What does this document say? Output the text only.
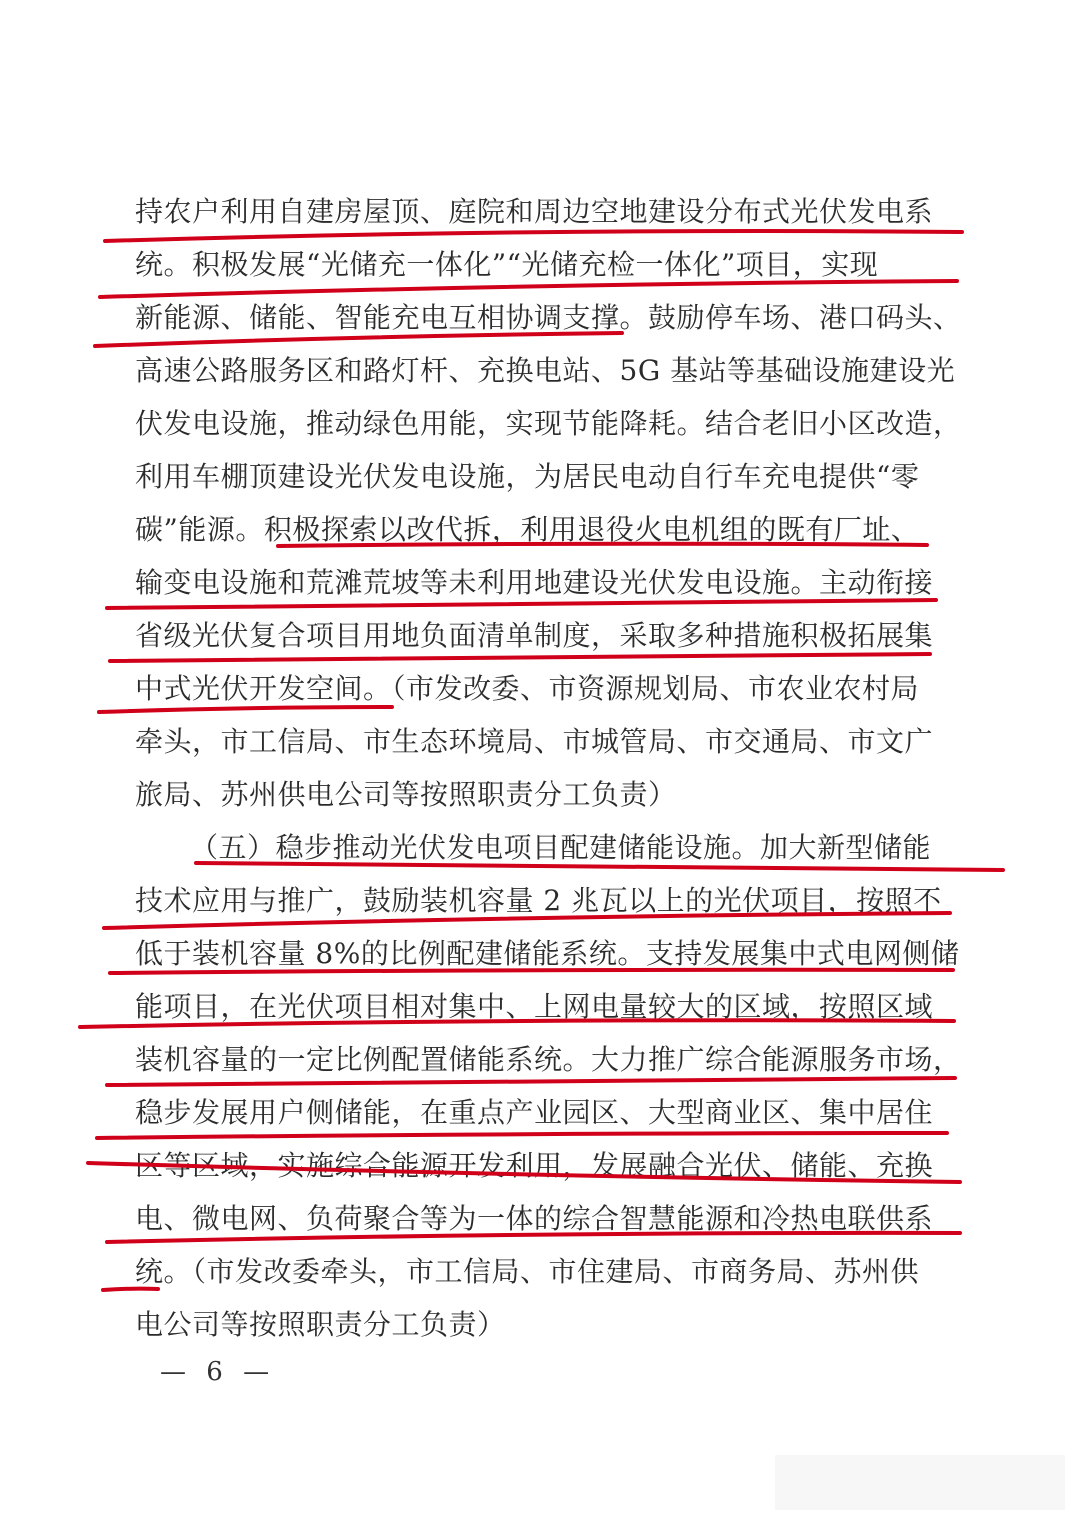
持农户利用自建房屋顶、庭院和周边空地建设分布式光伏发电系
统。积极发展“光储充一体化”“光储充检一体化”项目，实现
新能源、储能、智能充电互相协调支撑。鼓励停车场、港口码头、
高速公路服务区和路灯杆、充换电站、5G 基站等基础设施建设光
伏发电设施，推动绿色用能，实现节能降耗。结合老旧小区改造，
利用车棚顶建设光伏发电设施，为居民电动自行车充电提供“零
碳”能源。积极探索以改代拆，利用退役火电机组的既有厂址、
输变电设施和荒滩荒坡等未利用地建设光伏发电设施。主动衔接
省级光伏复合项目用地负面清单制度，采取多种措施积极拓展集
中式光伏开发空间。（市发改委、市资源规划局、市农业农村局
牵头，市工信局、市生态环境局、市城管局、市交通局、市文广
旅局、苏州供电公司等按照职责分工负责）
（五）稳步推动光伏发电项目配建储能设施。加大新型储能
技术应用与推广，鼓励装机容量 2 兆瓦以上的光伏项目，按照不
低于装机容量 8%的比例配建储能系统。支持发展集中式电网侧储
能项目，在光伏项目相对集中、上网电量较大的区域，按照区域
装机容量的一定比例配置储能系统。大力推广综合能源服务市场，
稳步发展用户侧储能，在重点产业园区、大型商业区、集中居住
区等区域，实施综合能源开发利用，发展融合光伏、储能、充换
电、微电网、负荷聚合等为一体的综合智慧能源和冷热电联供系
统。（市发改委牵头，市工信局、市住建局、市商务局、苏州供
电公司等按照职责分工负责）
— 6 —
